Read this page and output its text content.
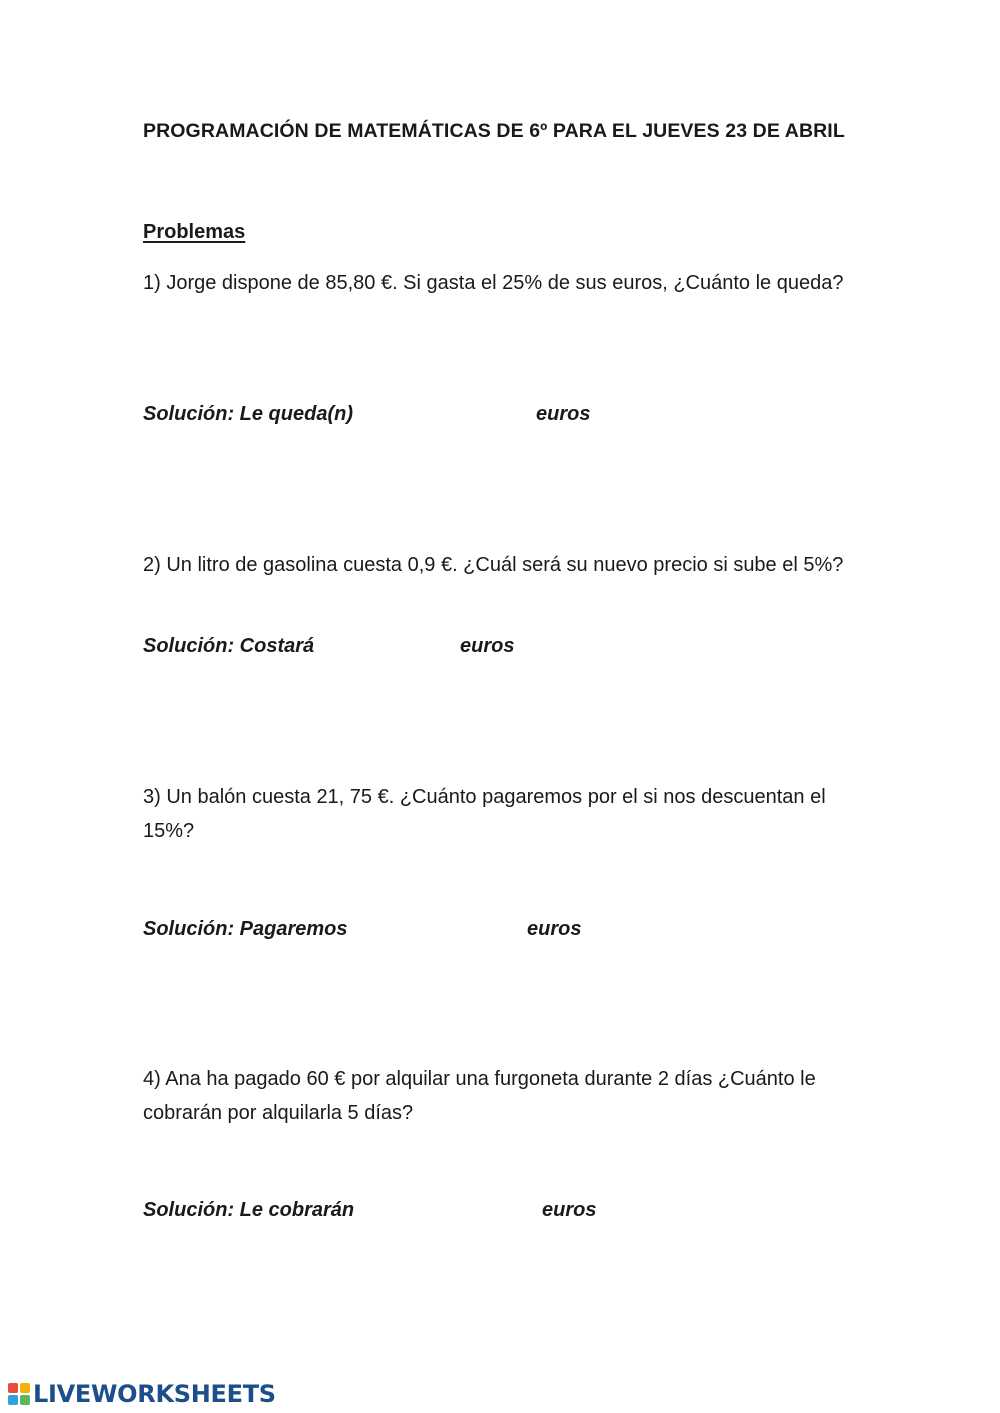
PROGRAMACIÓN DE MATEMÁTICAS DE 6º PARA EL JUEVES 23 DE ABRIL
Problemas
1) Jorge dispone de 85,80 €. Si gasta el 25% de sus euros, ¿Cuánto le queda?
Solución: Le queda(n)	euros
2) Un litro de gasolina cuesta 0,9 €. ¿Cuál será su nuevo precio si sube el 5%?
Solución: Costará	euros
3) Un balón cuesta 21, 75 €. ¿Cuánto pagaremos por el si nos descuentan el 15%?
Solución: Pagaremos	euros
4) Ana ha pagado 60 € por alquilar una furgoneta durante 2 días ¿Cuánto le cobrarán por alquilarla 5 días?
Solución: Le cobrarán	euros
LIVEWORKSHEETS
